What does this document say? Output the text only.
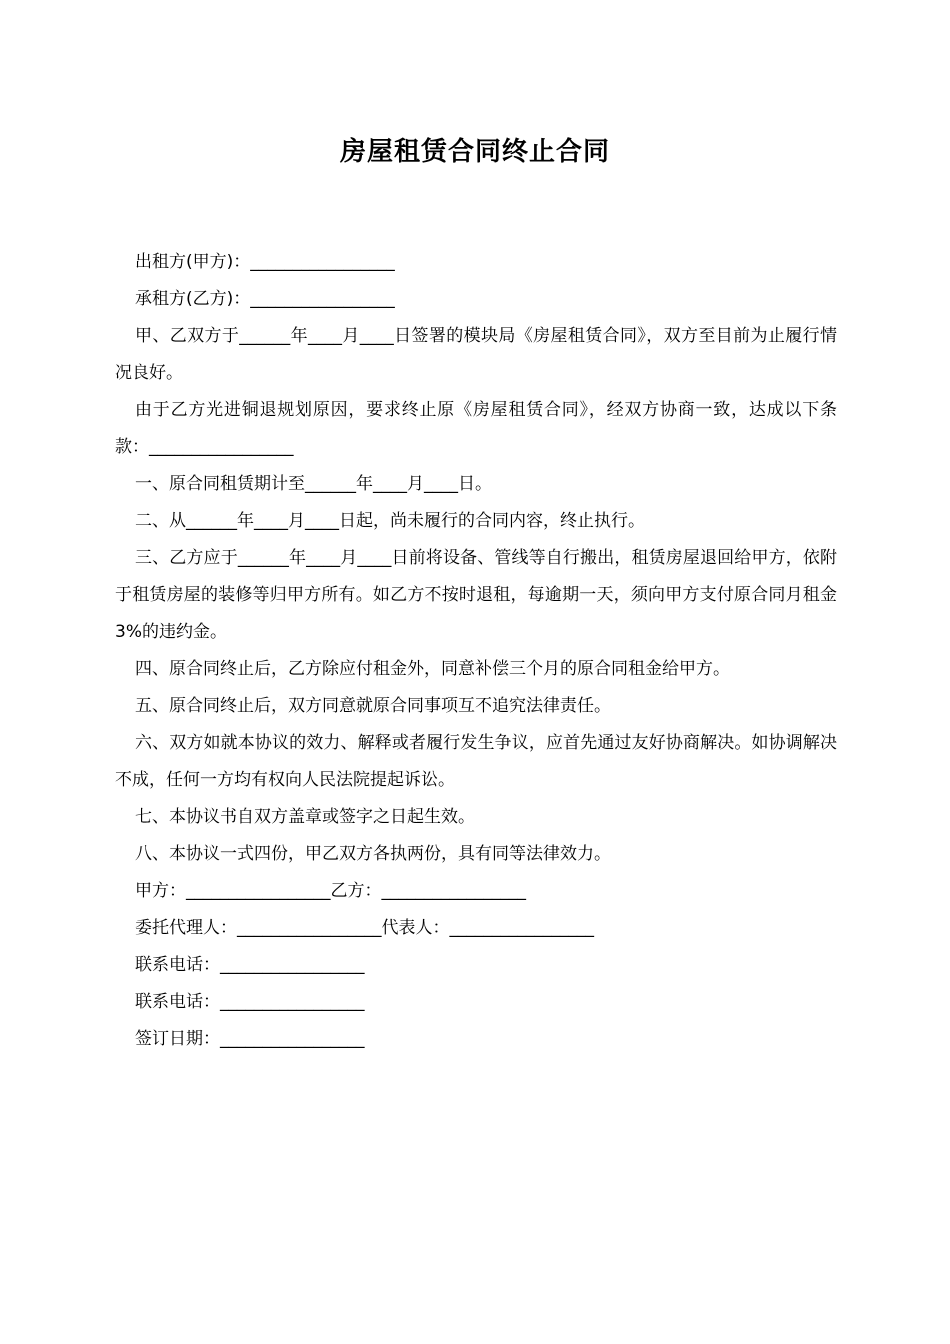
房屋租赁合同终止合同

出租方(甲方)：_________________

承租方(乙方)：_________________

甲、乙双方于______年____月____日签署的模块局《房屋租赁合同》，双方至目前为止履行情况良好。

由于乙方光进铜退规划原因，要求终止原《房屋租赁合同》，经双方协商一致，达成以下条款：_________________

一、原合同租赁期计至______年____月____日。

二、从______年____月____日起，尚未履行的合同内容，终止执行。

三、乙方应于______年____月____日前将设备、管线等自行搬出，租赁房屋退回给甲方，依附于租赁房屋的装修等归甲方所有。如乙方不按时退租，每逾期一天，须向甲方支付原合同月租金 3%的违约金。

四、原合同终止后，乙方除应付租金外，同意补偿三个月的原合同租金给甲方。

五、原合同终止后，双方同意就原合同事项互不追究法律责任。

六、双方如就本协议的效力、解释或者履行发生争议，应首先通过友好协商解决。如协调解决不成，任何一方均有权向人民法院提起诉讼。

七、本协议书自双方盖章或签字之日起生效。

八、本协议一式四份，甲乙双方各执两份，具有同等法律效力。

甲方：_________________乙方：_________________

委托代理人：_________________代表人：_________________

联系电话：_________________

联系电话：_________________

签订日期：_________________
